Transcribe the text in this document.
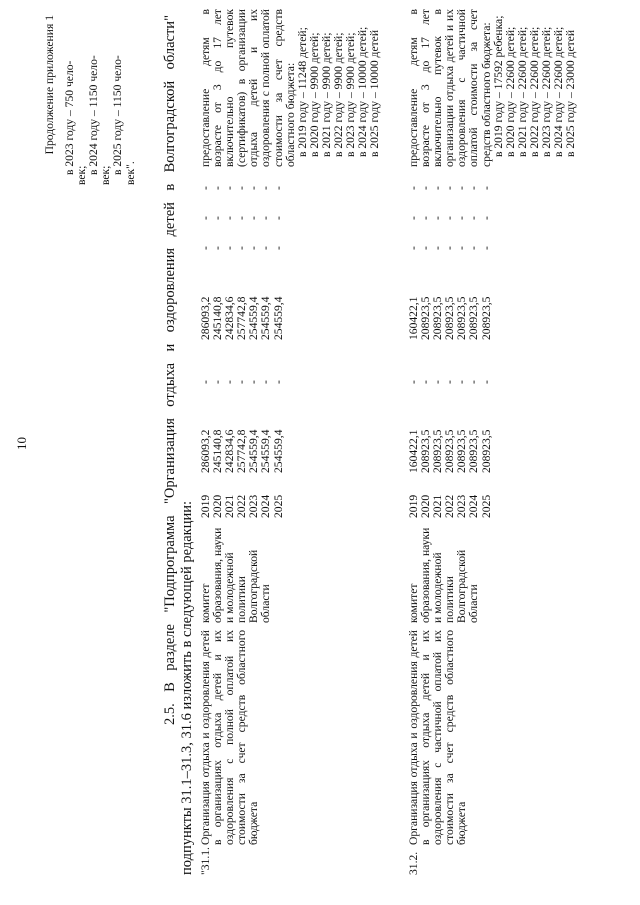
10
Продолжение приложения 1 в 2023 году – 750 чело-
век;
в 2024 году – 1150 чело-
век;
в 2025 году – 1150 чело- век". 2.5. В разделе "Подпрограмма "Организация отдыха и оздоровления детей в Волгоградской области" подпункты 31.1–31.3, 31.6 изложить в следующей редакции: "31.1.
Организация отдыха и оздоровления детей в организациях отдыха детей и их оздоровления с полной оплатой их стоимости за счет средств областного бюджета
комитет образования, науки и молодежной политики Волгоградской области
2019 2020 2021 2022 2023 2024 2025
286093,2 245140,8 242834,6 257742,8 254559,4 254559,4 254559,4
- - - - - - -
286093,2 245140,8 242834,6 257742,8 254559,4 254559,4 254559,4
- - - - - - -
- - - - - - -
- - - - - - -
предоставление детям в возрасте от 3 до 17 лет включительно путевок (сертификатов) в организации отдыха детей и их оздоровления с полной оплатой стоимости за счет средств областного бюджета: в 2019 году – 11248 детей; в 2020 году – 9900 детей; в 2021 году – 9900 детей; в 2022 году – 9900 детей; в 2023 году – 9900 детей; в 2024 году – 10000 детей; в 2025 году – 10000 детей
31.2.
Организация отдыха и оздоровления детей в организациях отдыха детей и их оздоровления с частичной оплатой их стоимости за счет средств областного бюджета
комитет образования, науки и молодежной политики Волгоградской области
2019 2020 2021 2022 2023 2024 2025
160422,1 208923,5 208923,5 208923,5 208923,5 208923,5 208923,5
- - - - - - -
160422,1 208923,5 208923,5 208923,5 208923,5 208923,5 208923,5
- - - - - - -
- - - - - - -
- - - - - - -
предоставление детям в возрасте от 3 до 17 лет включительно путевок в организации отдыха детей и их оздоровления с частичной оплатой стоимости за счет средств областного бюджета: в 2019 году – 17592 ребенка; в 2020 году – 22600 детей; в 2021 году – 22600 детей; в 2022 году – 22600 детей; в 2023 году – 22600 детей; в 2024 году – 22600 детей; в 2025 году – 23000 детей
